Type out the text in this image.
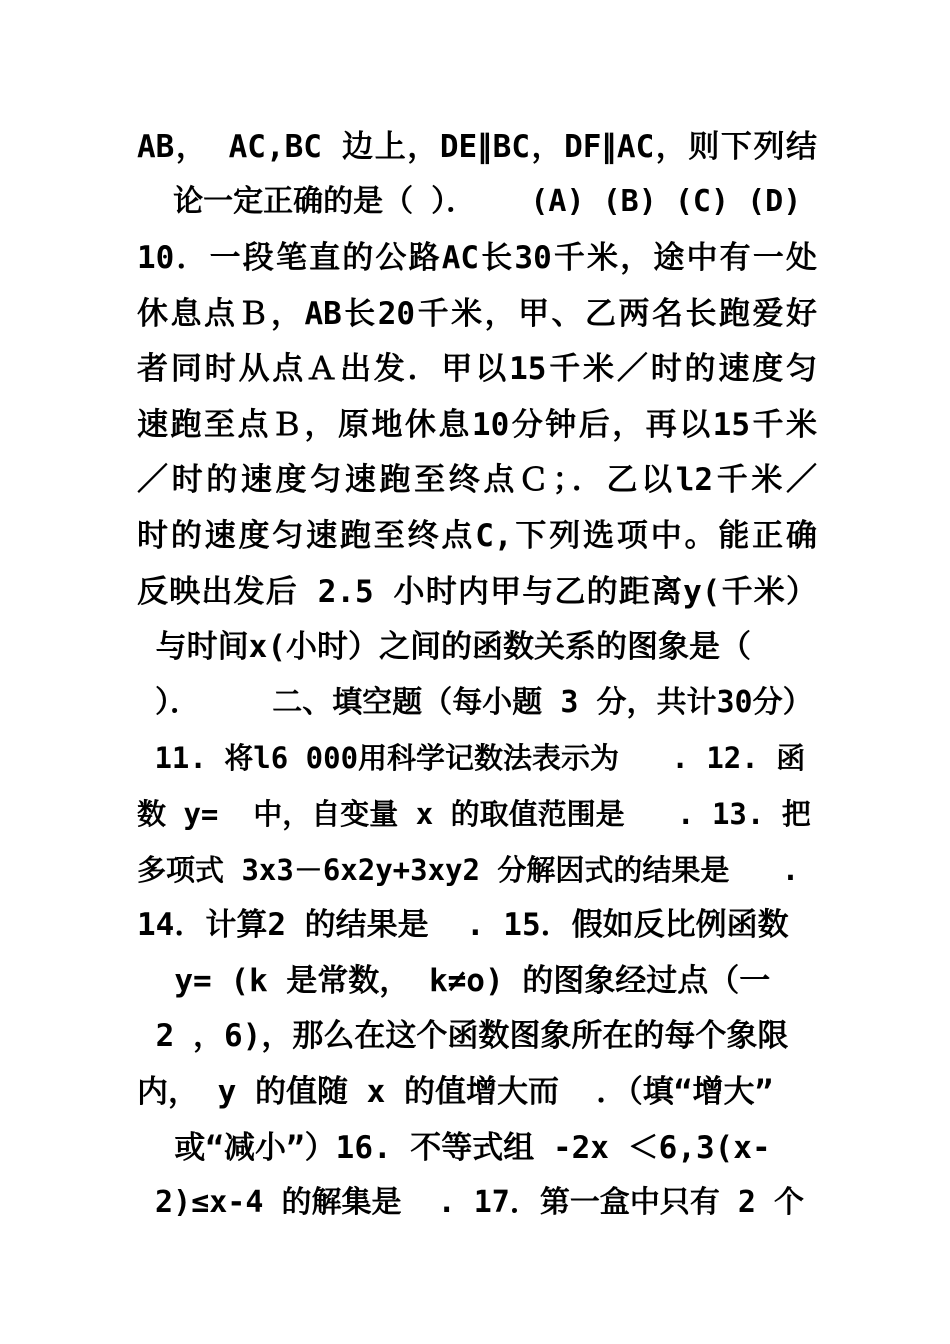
AB， AC,BC 边上，DE∥BC，DF∥AC，则下列结
论一定正确的是（ ）．   (A) (B) (C) (D)
10．一段笔直的公路AC长30千米，途中有一处
休息点Ｂ，AB长20千米，甲、乙两名长跑爱好
者同时从点Ａ出发．甲以15千米／时的速度匀
速跑至点Ｂ，原地休息10分钟后，再以15千米
／时的速度匀速跑至终点Ｃ；．乙以l2千米／
时的速度匀速跑至终点C,下列选项中。能正确
反映出发后 2.5 小时内甲与乙的距离y(千米）
与时间x(小时）之间的函数关系的图象是（
）．    二、填空题（每小题 3 分，共计30分）
11. 将l6 000用科学记数法表示为   . 12. 函
数 y=  中，自变量 x 的取值范围是   . 13. 把
多项式 3x3－6x2y+3xy2 分解因式的结果是   .
14．计算2 的结果是  . 15．假如反比例函数
y= (k 是常数， k≠o) 的图象经过点（一
2 ，6)，那么在这个函数图象所在的每个象限
内， y 的值随 x 的值增大而  ．（填“增大”
或“减小”）16. 不等式组 -2x ＜6,3(x-
2)≤x-4 的解集是  . 17．第一盒中只有 2 个
